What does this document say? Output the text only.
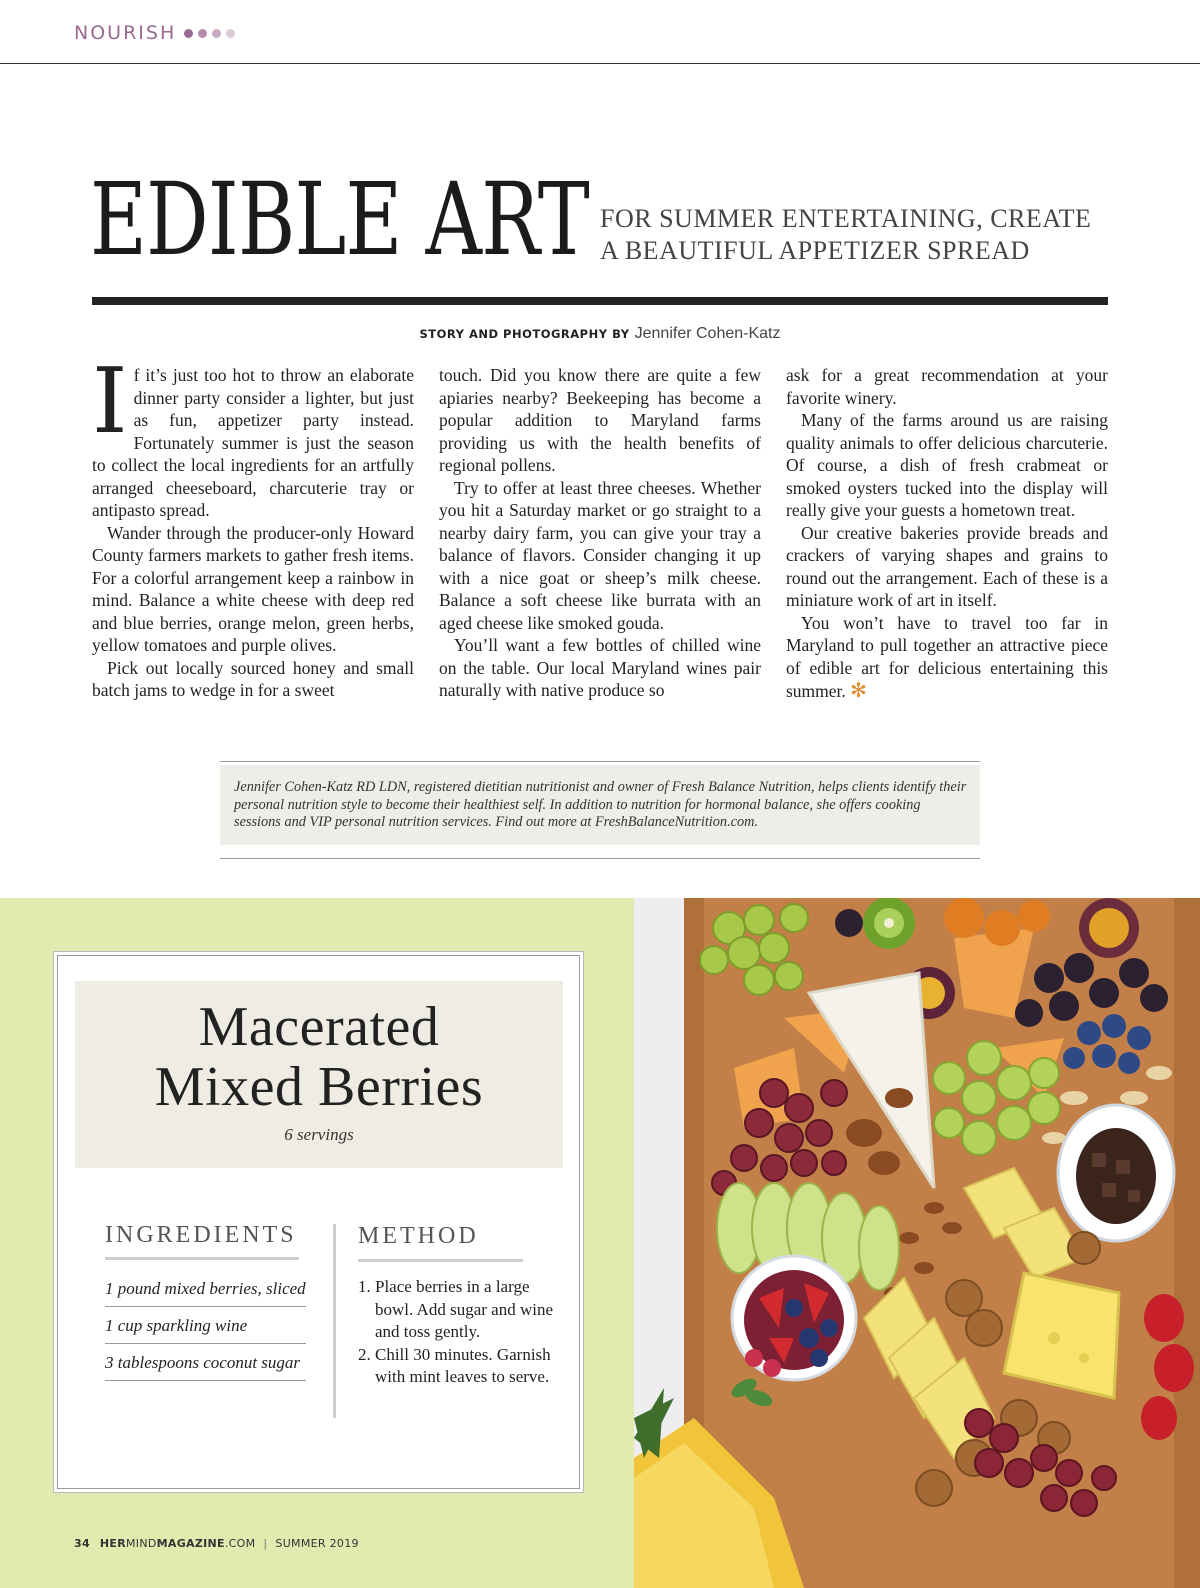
NOURISH
EDIBLE ART FOR SUMMER ENTERTAINING, CREATE
A BEAUTIFUL APPETIZER SPREAD
STORY AND PHOTOGRAPHY BY Jennifer Cohen-Katz

If it’s just too hot to throw an elaborate dinner party consider a lighter, but just as fun, appetizer party instead. Fortunately summer is just the season to collect the local ingredients for an artfully arranged cheeseboard, charcuterie tray or antipasto spread.

Wander through the producer-only Howard County farmers markets to gather fresh items. For a colorful arrangement keep a rainbow in mind. Balance a white cheese with deep red and blue berries, orange melon, green herbs, yellow tomatoes and purple olives.

Pick out locally sourced honey and small batch jams to wedge in for a sweet

touch. Did you know there are quite a few apiaries nearby? Beekeeping has become a popular addition to Maryland farms providing us with the health benefits of regional pollens.

Try to offer at least three cheeses. Whether you hit a Saturday market or go straight to a nearby dairy farm, you can give your tray a balance of flavors. Consider changing it up with a nice goat or sheep’s milk cheese. Balance a soft cheese like burrata with an aged cheese like smoked gouda.

You’ll want a few bottles of chilled wine on the table. Our local Maryland wines pair naturally with native produce so

ask for a great recommendation at your favorite winery.

Many of the farms around us are raising quality animals to offer delicious charcuterie. Of course, a dish of fresh crabmeat or smoked oysters tucked into the display will really give your guests a hometown treat.

Our creative bakeries provide breads and crackers of varying shapes and grains to round out the arrangement. Each of these is a miniature work of art in itself.

You won’t have to travel too far in Maryland to pull together an attractive piece of edible art for delicious entertaining this summer. ✻

Jennifer Cohen-Katz RD LDN, registered dietitian nutritionist and owner of Fresh Balance Nutrition, helps clients identify their personal nutrition style to become their healthiest self. In addition to nutrition for hormonal balance, she offers cooking sessions and VIP personal nutrition services. Find out more at FreshBalanceNutrition.com.
Macerated
Mixed Berries
6 servings
INGREDIENTS
1 pound mixed berries, sliced
1 cup sparkling wine
3 tablespoons coconut sugar
METHOD
1. Place berries in a large bowl. Add sugar and wine and toss gently.
2. Chill 30 minutes. Garnish with mint leaves to serve.
34 HERMINDMAGAZINE.COM | SUMMER 2019
